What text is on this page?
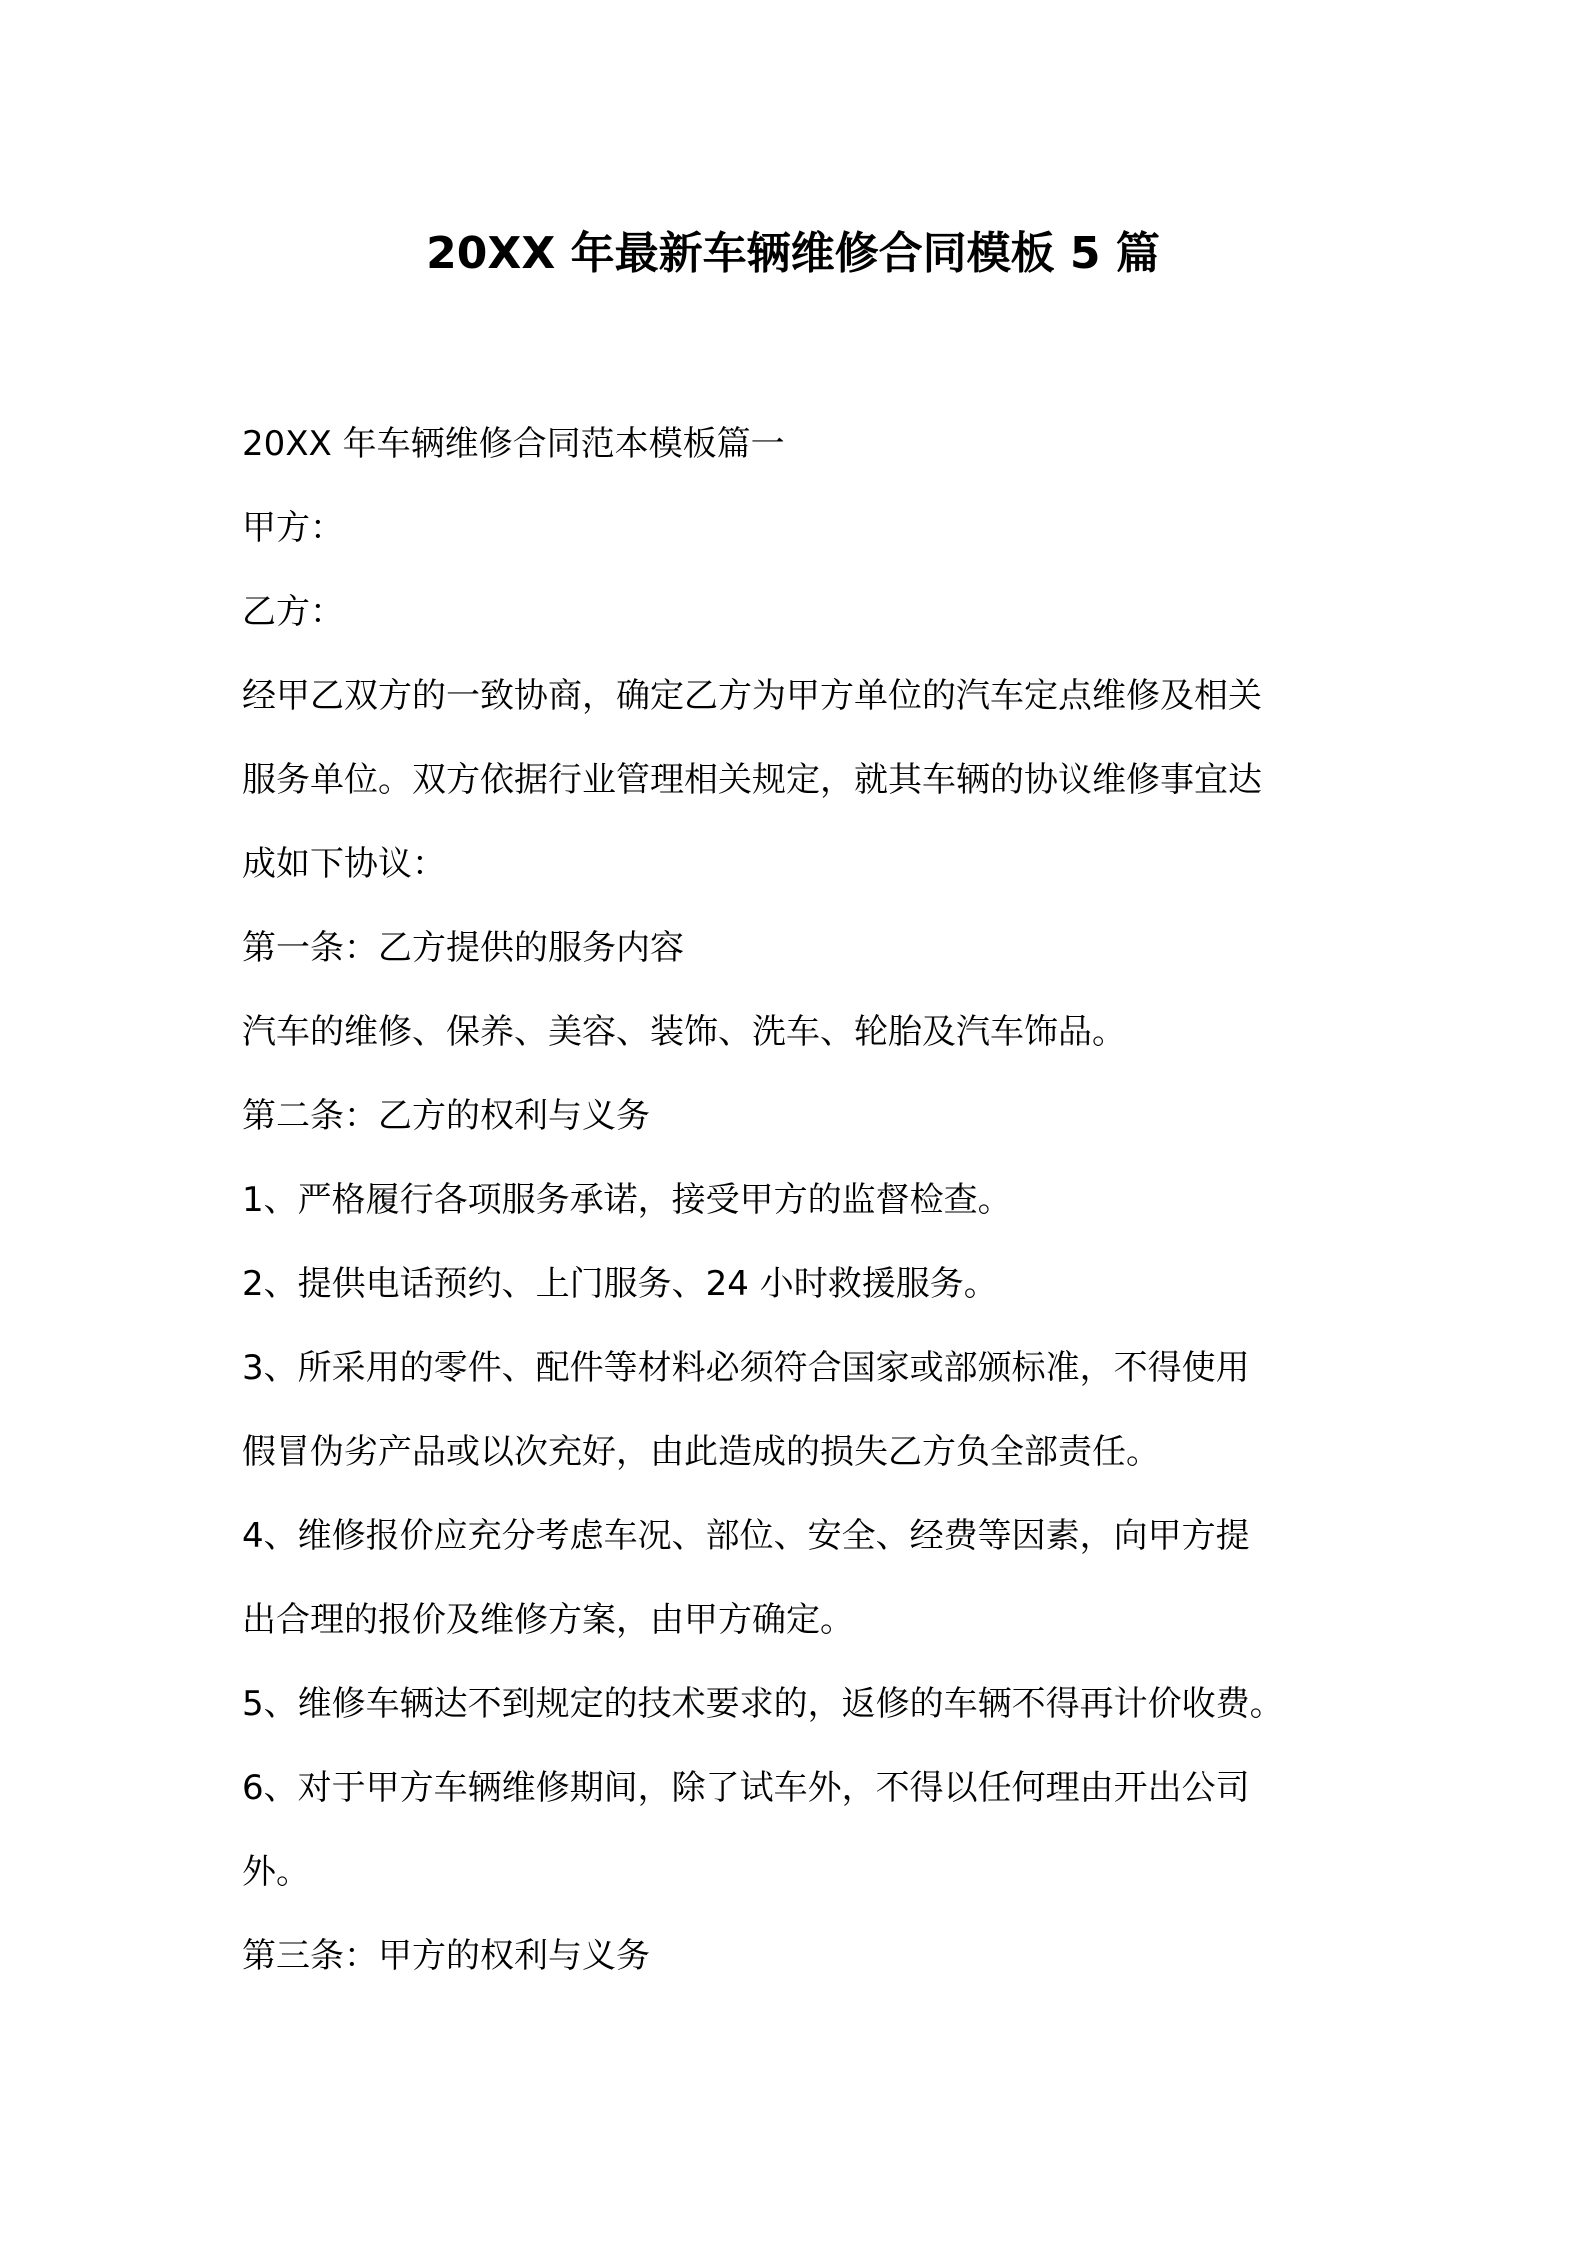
20XX 年最新车辆维修合同模板 5 篇
20XX 年车辆维修合同范本模板篇一
甲方：
乙方：
经甲乙双方的一致协商，确定乙方为甲方单位的汽车定点维修及相关
服务单位。双方依据行业管理相关规定，就其车辆的协议维修事宜达
成如下协议：
第一条：乙方提供的服务内容
汽车的维修、保养、美容、装饰、洗车、轮胎及汽车饰品。
第二条：乙方的权利与义务
1、严格履行各项服务承诺，接受甲方的监督检查。
2、提供电话预约、上门服务、24 小时救援服务。
3、所采用的零件、配件等材料必须符合国家或部颁标准，不得使用
假冒伪劣产品或以次充好，由此造成的损失乙方负全部责任。
4、维修报价应充分考虑车况、部位、安全、经费等因素，向甲方提
出合理的报价及维修方案，由甲方确定。
5、维修车辆达不到规定的技术要求的，返修的车辆不得再计价收费。
6、对于甲方车辆维修期间，除了试车外，不得以任何理由开出公司
外。
第三条：甲方的权利与义务
